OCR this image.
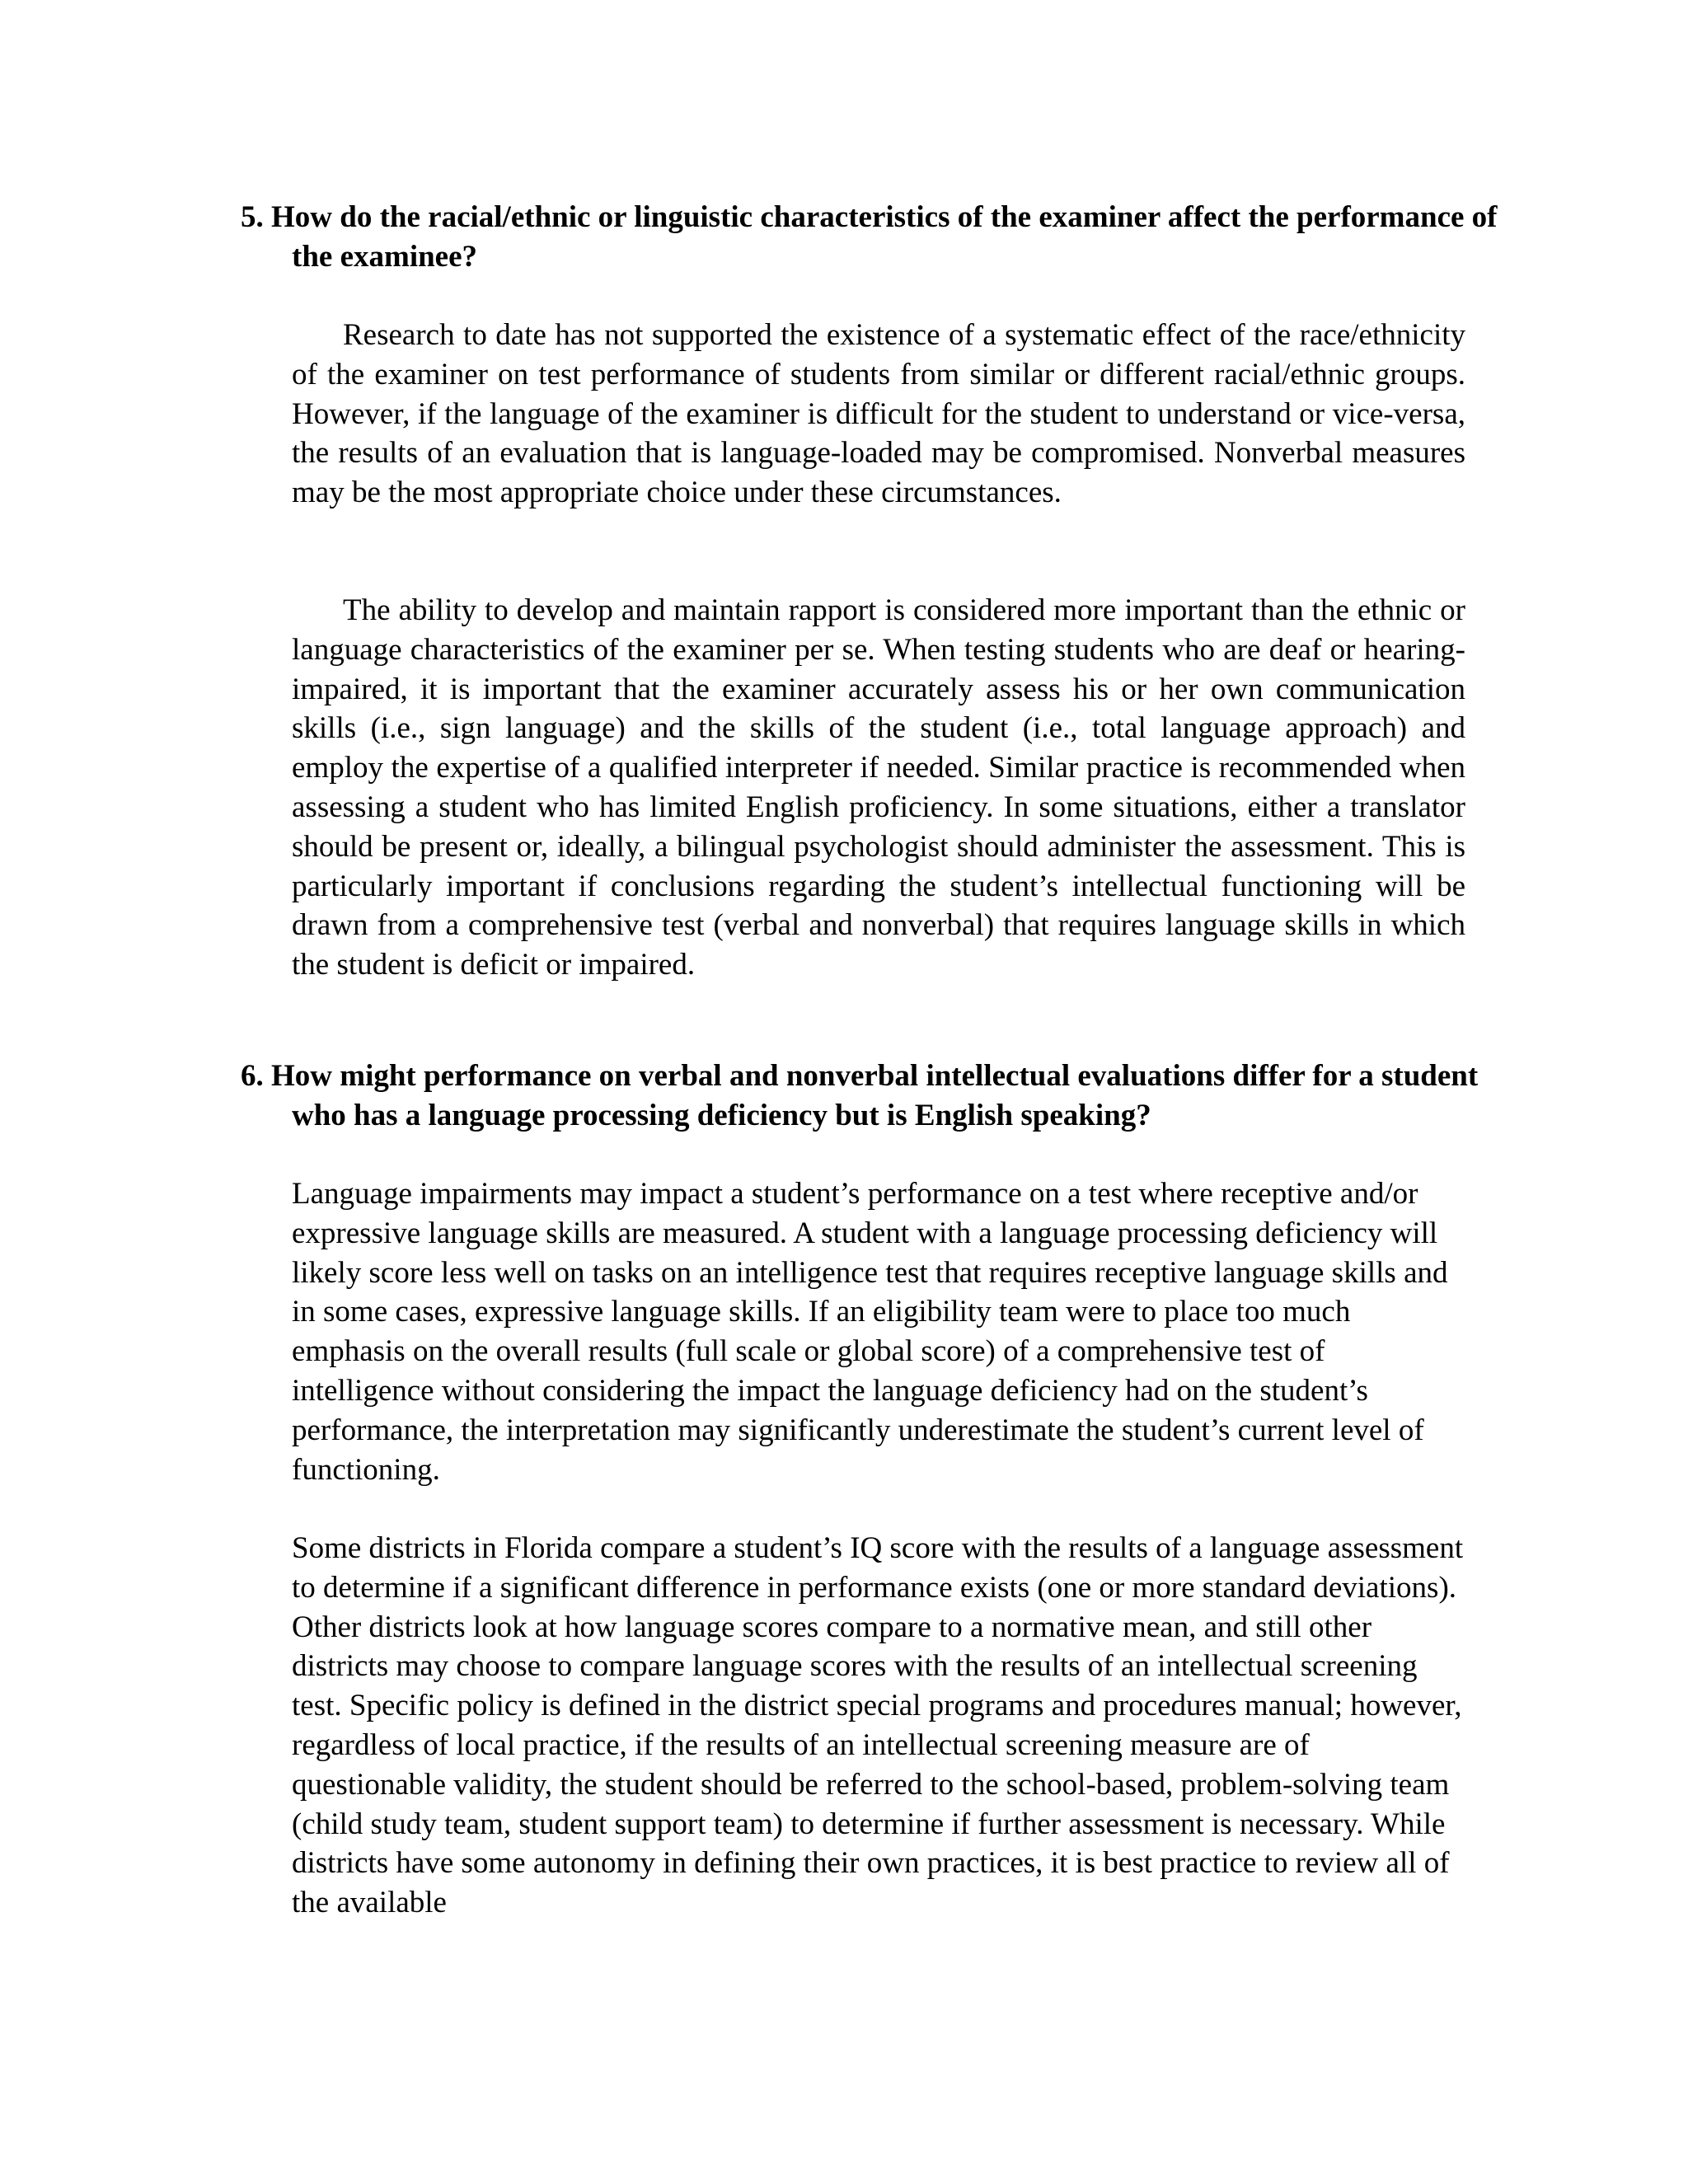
5. How do the racial/ethnic or linguistic characteristics of the examiner affect the performance of the examinee?

Research to date has not supported the existence of a systematic effect of the race/ethnicity of the examiner on test performance of students from similar or different racial/ethnic groups. However, if the language of the examiner is difficult for the student to understand or vice-versa, the results of an evaluation that is language-loaded may be compromised. Nonverbal measures may be the most appropriate choice under these circumstances.

The ability to develop and maintain rapport is considered more important than the ethnic or language characteristics of the examiner per se. When testing students who are deaf or hearing-impaired, it is important that the examiner accurately assess his or her own communication skills (i.e., sign language) and the skills of the student (i.e., total language approach) and employ the expertise of a qualified interpreter if needed. Similar practice is recommended when assessing a student who has limited English proficiency. In some situations, either a translator should be present or, ideally, a bilingual psychologist should administer the assessment. This is particularly important if conclusions regarding the student’s intellectual functioning will be drawn from a comprehensive test (verbal and nonverbal) that requires language skills in which the student is deficit or impaired.

6. How might performance on verbal and nonverbal intellectual evaluations differ for a student who has a language processing deficiency but is English speaking?

Language impairments may impact a student’s performance on a test where receptive and/or expressive language skills are measured. A student with a language processing deficiency will likely score less well on tasks on an intelligence test that requires receptive language skills and in some cases, expressive language skills. If an eligibility team were to place too much emphasis on the overall results (full scale or global score) of a comprehensive test of intelligence without considering the impact the language deficiency had on the student’s performance, the interpretation may significantly underestimate the student’s current level of functioning.

Some districts in Florida compare a student’s IQ score with the results of a language assessment to determine if a significant difference in performance exists (one or more standard deviations). Other districts look at how language scores compare to a normative mean, and still other districts may choose to compare language scores with the results of an intellectual screening test. Specific policy is defined in the district special programs and procedures manual; however, regardless of local practice, if the results of an intellectual screening measure are of questionable validity, the student should be referred to the school-based, problem-solving team (child study team, student support team) to determine if further assessment is necessary. While districts have some autonomy in defining their own practices, it is best practice to review all of the available
